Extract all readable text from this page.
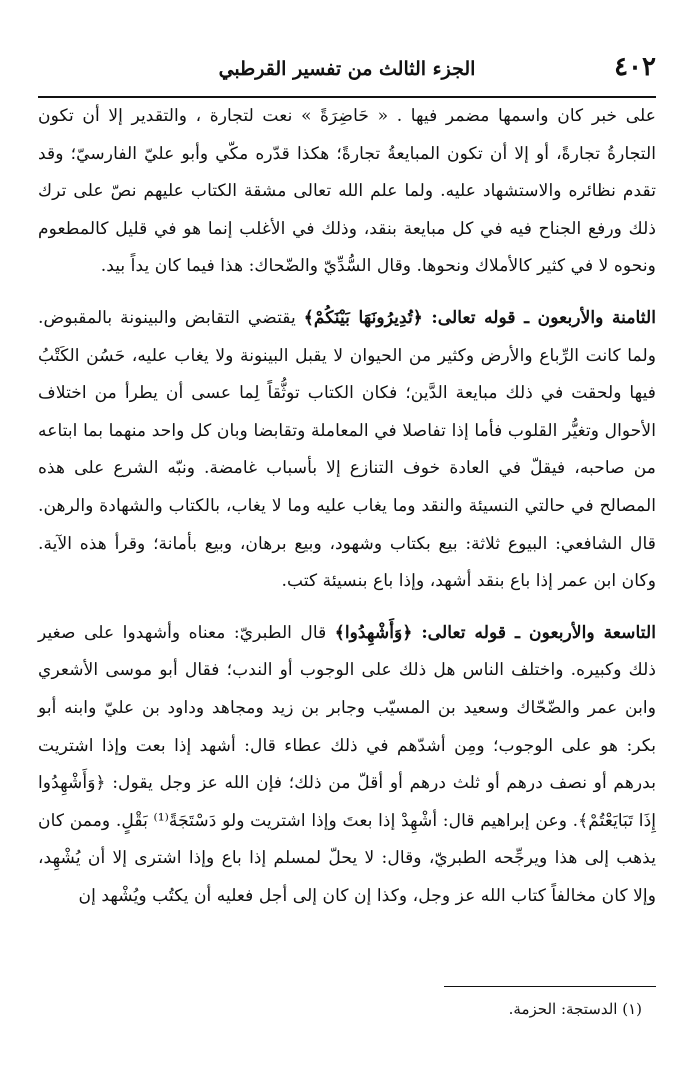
٤٠٢
الجزء الثالث من تفسير القرطبي

على خبر كان واسمها مضمر فيها . « حَاضِرَةً » نعت لتجارة ، والتقدير إلا أن تكون التجارةُ تجارةً، أو إلا أن تكون المبايعةُ تجارةً؛ هكذا قدّره مكّي وأبو عليّ الفارسيّ؛ وقد تقدم نظائره والاستشهاد عليه. ولما علم الله تعالى مشقة الكتاب عليهم نصّ على ترك ذلك ورفع الجناح فيه في كل مبايعة بنقد، وذلك في الأغلب إنما هو في قليل كالمطعوم ونحوه لا في كثير كالأملاك ونحوها. وقال السُّدِّيّ والضّحاك: هذا فيما كان يداً بيد.

الثامنة والأربعون ـ قوله تعالى: ﴿تُدِيرُونَهَا بَيْنَكُمْ﴾ يقتضي التقابض والبينونة بالمقبوض. ولما كانت الرِّباع والأرض وكثير من الحيوان لا يقبل البينونة ولا يغاب عليه، حَسُن الكَتْبُ فيها ولحقت في ذلك مبايعة الدَّين؛ فكان الكتاب توثُّقاً لِما عسى أن يطرأ من اختلاف الأحوال وتغيُّر القلوب فأما إذا تفاصلا في المعاملة وتقابضا وبان كل واحد منهما بما ابتاعه من صاحبه، فيقلّ في العادة خوف التنازع إلا بأسباب غامضة. ونبّه الشرع على هذه المصالح في حالتي النسيئة والنقد وما يغاب عليه وما لا يغاب، بالكتاب والشهادة والرهن. قال الشافعي: البيوع ثلاثة: بيع بكتاب وشهود، وبيع برهان، وبيع بأمانة؛ وقرأ هذه الآية. وكان ابن عمر إذا باع بنقد أشهد، وإذا باع بنسيئة كتب.

التاسعة والأربعون ـ قوله تعالى: ﴿وَأَشْهِدُوا﴾ قال الطبريّ: معناه وأشهدوا على صغير ذلك وكبيره. واختلف الناس هل ذلك على الوجوب أو الندب؛ فقال أبو موسى الأشعري وابن عمر والضّحّاك وسعيد بن المسيّب وجابر بن زيد ومجاهد وداود بن عليّ وابنه أبو بكر: هو على الوجوب؛ ومِن أشدّهم في ذلك عطاء قال: أشهد إذا بعت وإذا اشتريت بدرهم أو نصف درهم أو ثلث درهم أو أقلّ من ذلك؛ فإن الله عز وجل يقول: ﴿وَأَشْهِدُوا إِذَا تَبَايَعْتُمْ﴾. وعن إبراهيم قال: أشْهِدْ إذا بعتَ وإذا اشتريت ولو دَسْتَجَةً⁽¹⁾ بَقْلٍ. وممن كان يذهب إلى هذا ويرجِّحه الطبريّ، وقال: لا يحلّ لمسلم إذا باع وإذا اشترى إلا أن يُشْهِد، وإلا كان مخالفاً كتاب الله عز وجل، وكذا إن كان إلى أجل فعليه أن يكتُب ويُشْهد إن

(١) الدستجة: الحزمة.
